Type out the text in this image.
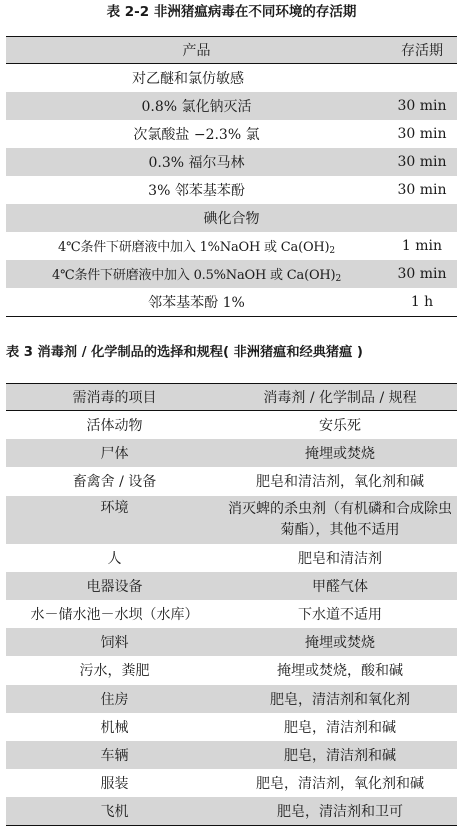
表 2-2 非洲猪瘟病毒在不同环境的存活期
产品	存活期
对乙醚和氯仿敏感	
0.8% 氯化钠灭活	30 min
次氯酸盐 −2.3% 氯	30 min
0.3% 福尔马林	30 min
3% 邻苯基苯酚	30 min
碘化合物	
4℃条件下研磨液中加入 1%NaOH 或 $Ca(OH)_2$	1 min
4℃条件下研磨液中加入 0.5%NaOH 或 $Ca(OH)_2$	30 min
邻苯基苯酚 1%	1 h
表 3 消毒剂 / 化学制品的选择和规程( 非洲猪瘟和经典猪瘟 )
需消毒的项目	消毒剂 / 化学制品 / 规程
活体动物	安乐死
尸体	掩埋或焚烧
畜禽舍 / 设备	肥皂和清洁剂，氧化剂和碱
环境	消灭蜱的杀虫剂（有机磷和合成除虫菊酯），其他不适用
人	肥皂和清洁剂
电器设备	甲醛气体
水－储水池－水坝（水库）	下水道不适用
饲料	掩埋或焚烧
污水，粪肥	掩埋或焚烧，酸和碱
住房	肥皂，清洁剂和氧化剂
机械	肥皂，清洁剂和碱
车辆	肥皂，清洁剂和碱
服装	肥皂，清洁剂，氧化剂和碱
飞机	肥皂，清洁剂和卫可
